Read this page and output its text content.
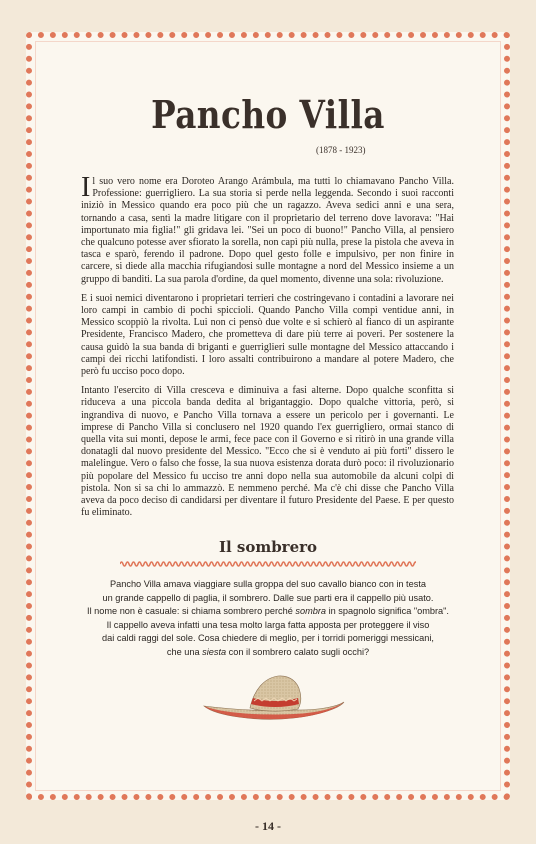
Pancho Villa
(1878 - 1923)

Il suo vero nome era Doroteo Arango Arámbula, ma tutti lo chiamavano Pancho Villa. Professione: guerrigliero. La sua storia si perde nella leggenda. Secondo i suoi racconti iniziò in Messico quando era poco più che un ragazzo. Aveva sedici anni e una sera, tornando a casa, sentì la madre litigare con il proprietario del terreno dove lavorava: "Hai importunato mia figlia!" gli gridava lei. "Sei un poco di buono!" Pancho Villa, al pensiero che qualcuno potesse aver sfiorato la sorella, non capì più nulla, prese la pistola che aveva in tasca e sparò, ferendo il padrone. Dopo quel gesto folle e impulsivo, per non finire in carcere, si diede alla macchia rifugiandosi sulle montagne a nord del Messico insieme a un gruppo di banditi. La sua parola d'ordine, da quel momento, divenne una sola: rivoluzione.

E i suoi nemici diventarono i proprietari terrieri che costringevano i contadini a lavorare nei loro campi in cambio di pochi spiccioli. Quando Pancho Villa compì ventidue anni, in Messico scoppiò la rivolta. Lui non ci pensò due volte e si schierò al fianco di un aspirante Presidente, Francisco Madero, che prometteva di dare più terre ai poveri. Per sostenere la causa guidò la sua banda di briganti e guerriglieri sulle montagne del Messico attaccando i campi dei ricchi latifondisti. I loro assalti contribuirono a mandare al potere Madero, che però fu ucciso poco dopo.

Intanto l'esercito di Villa cresceva e diminuiva a fasi alterne. Dopo qualche sconfitta si riduceva a una piccola banda dedita al brigantaggio. Dopo qualche vittoria, però, si ingrandiva di nuovo, e Pancho Villa tornava a essere un pericolo per i governanti. Le imprese di Pancho Villa si conclusero nel 1920 quando l'ex guerrigliero, ormai stanco di quella vita sui monti, depose le armi, fece pace con il Governo e si ritirò in una grande villa donatagli dal nuovo presidente del Messico. "Ecco che si è venduto ai più forti" dissero le malelingue. Vero o falso che fosse, la sua nuova esistenza dorata durò poco: il rivoluzionario più popolare del Messico fu ucciso tre anni dopo nella sua automobile da alcuni colpi di pistola. Non si sa chi lo ammazzò. E nemmeno perché. Ma c'è chi disse che Pancho Villa aveva da poco deciso di candidarsi per diventare il futuro Presidente del Paese. E per questo fu eliminato.

Il sombrero

Pancho Villa amava viaggiare sulla groppa del suo cavallo bianco con in testa

un grande cappello di paglia, il sombrero. Dalle sue parti era il cappello più usato.

Il nome non è casuale: si chiama sombrero perché sombra in spagnolo significa "ombra".

Il cappello aveva infatti una tesa molto larga fatta apposta per proteggere il viso

dai caldi raggi del sole. Cosa chiedere di meglio, per i torridi pomeriggi messicani,

che una siesta con il sombrero calato sugli occhi?

- 14 -
